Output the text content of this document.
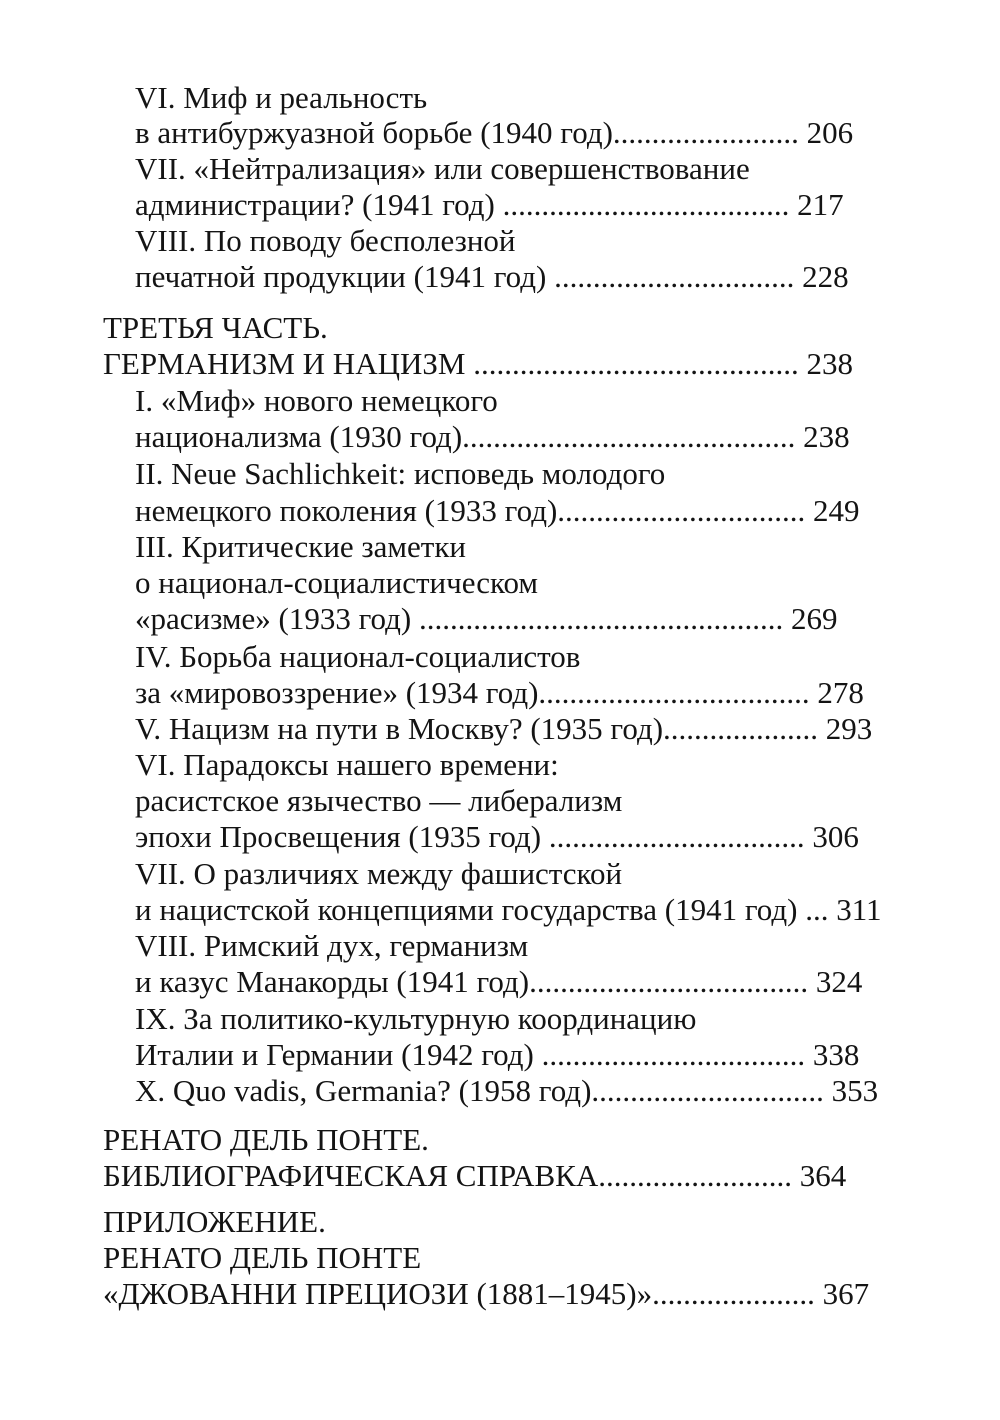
VI. Миф и реальность
в антибуржуазной борьбе (1940 год)........................ 206
VII. «Нейтрализация» или совершенствование
администрации? (1941 год) ..................................... 217
VIII. По поводу бесполезной
печатной продукции (1941 год) ............................... 228
ТРЕТЬЯ ЧАСТЬ.
ГЕРМАНИЗМ И НАЦИЗМ .......................................... 238
I. «Миф» нового немецкого
национализма (1930 год)........................................... 238
II. Neue Sachlichkeit: исповедь молодого
немецкого поколения (1933 год)................................ 249
III. Критические заметки
о национал-социалистическом
«расизме» (1933 год) ............................................... 269
IV. Борьба национал-социалистов
за «мировоззрение» (1934 год)................................... 278
V. Нацизм на пути в Москву? (1935 год).................... 293
VI. Парадоксы нашего времени:
расистское язычество — либерализм
эпохи Просвещения (1935 год) ................................. 306
VII. О различиях между фашистской
и нацистской концепциями государства (1941 год) ... 311
VIII. Римский дух, германизм
и казус Манакорды (1941 год).................................... 324
IX. За политико-культурную координацию
Италии и Германии (1942 год) .................................. 338
X. Quo vadis, Germania? (1958 год).............................. 353
РЕНАТО ДЕЛЬ ПОНТЕ.
БИБЛИОГРАФИЧЕСКАЯ СПРАВКА......................... 364
ПРИЛОЖЕНИЕ.
РЕНАТО ДЕЛЬ ПОНТЕ
«ДЖОВАННИ ПРЕЦИОЗИ (1881–1945)»..................... 367
